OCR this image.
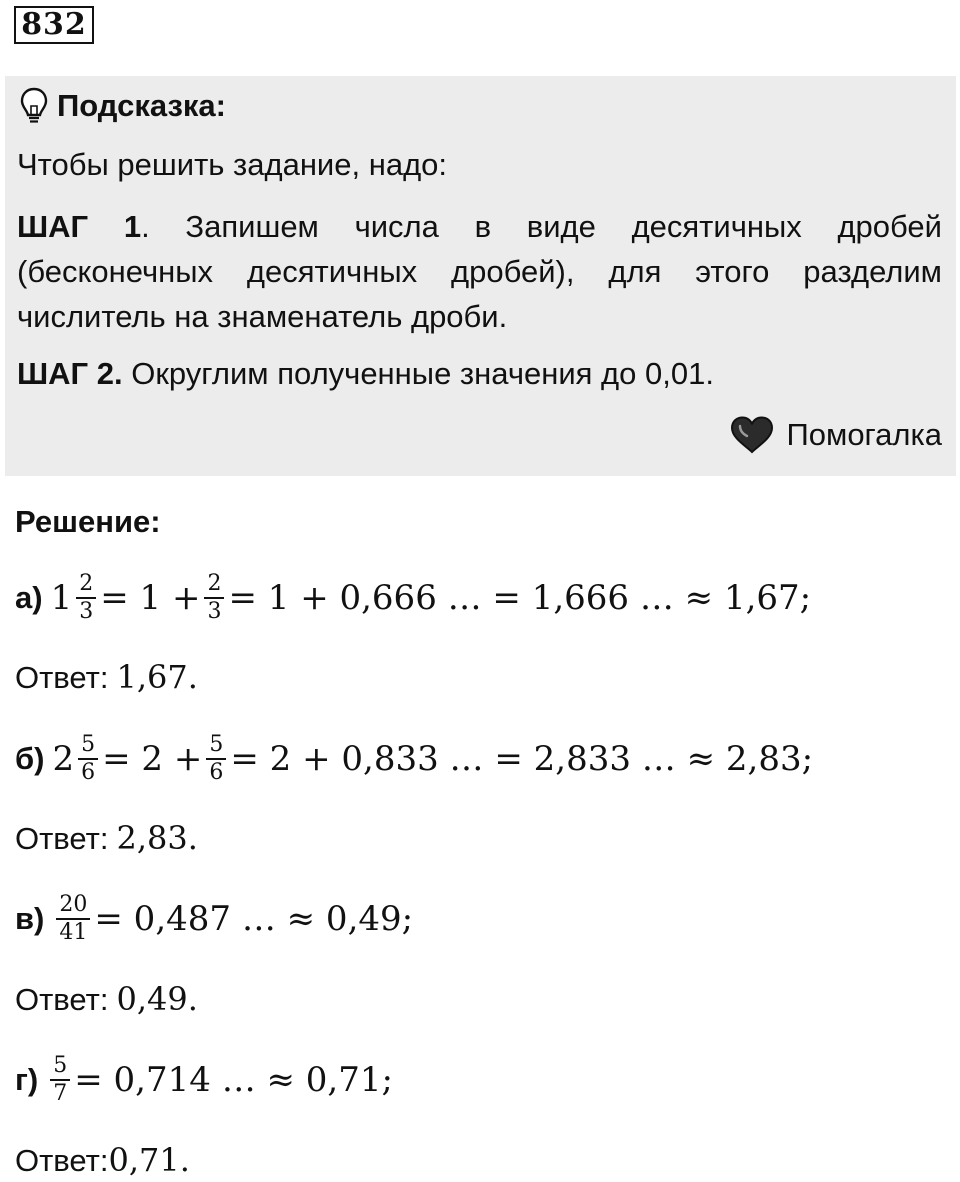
832
Подсказка:
Чтобы решить задание, надо:
ШАГ 1. Запишем числа в виде десятичных дробей (бесконечных десятичных дробей), для этого разделим числитель на знаменатель дроби.
ШАГ 2. Округлим полученные значения до 0,01.
Помогалка
Решение:
а) $1 \frac{2}{3} = 1 + \frac{2}{3} = 1 + 0,666$ … = 1,666 … ≈ 1,67;
Ответ: 1,67.
б) $2 \frac{5}{6} = 2 + \frac{5}{6} = 2 + 0,833$ … = 2,833 … ≈ 2,83;
Ответ: 2,83.
$в) \frac{20}{41} = 0,487$ … ≈ 0,49;
Ответ: 0,49.
$г) \frac{5}{7} = 0,714$ … ≈ 0,71;
Ответ:0,71.
